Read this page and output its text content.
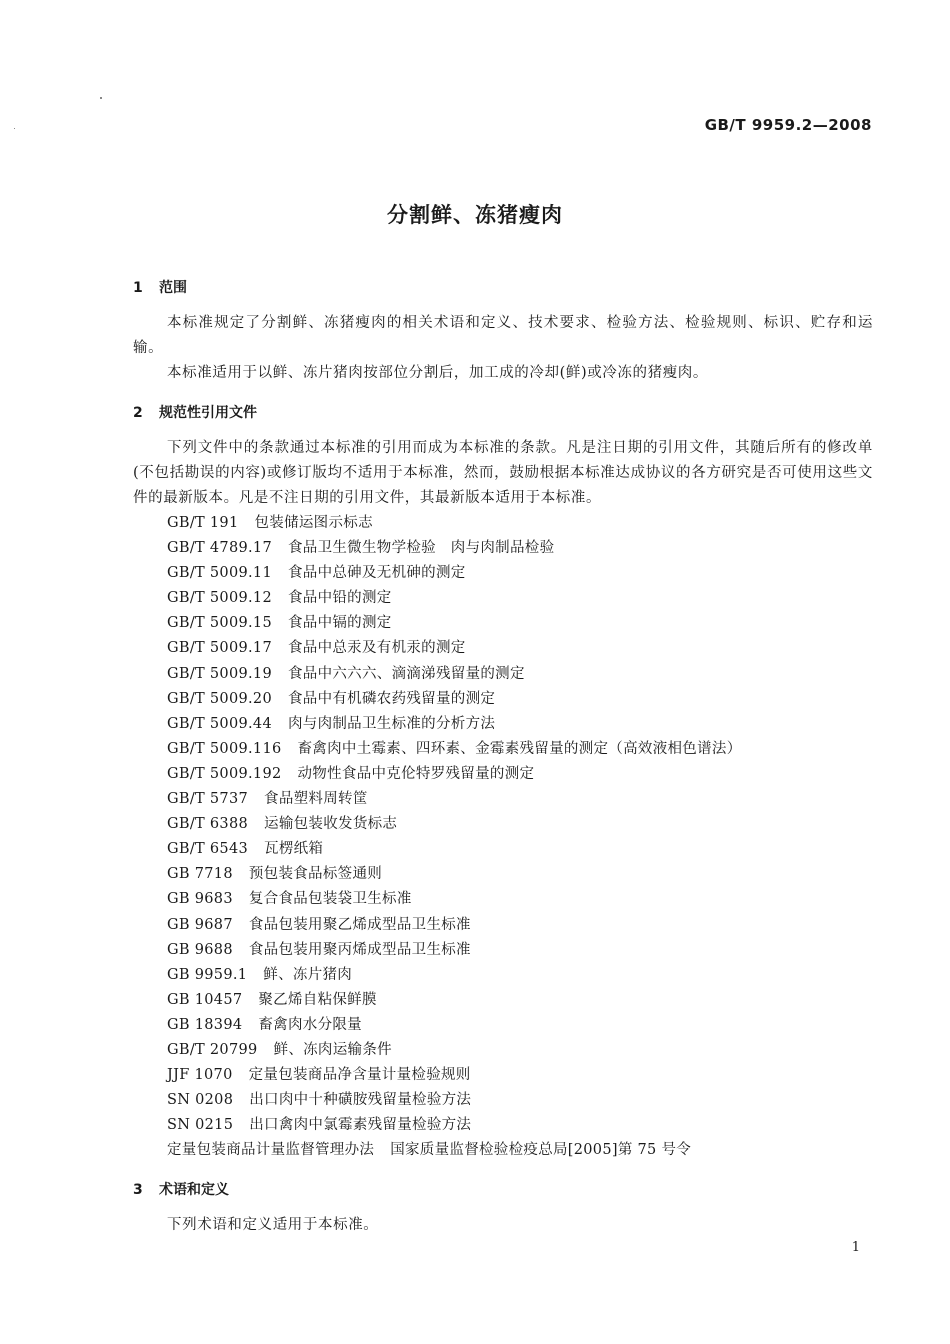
GB/T 9959.2—2008
分割鲜、冻猪瘦肉
1 范围
本标准规定了分割鲜、冻猪瘦肉的相关术语和定义、技术要求、检验方法、检验规则、标识、贮存和运输。
本标准适用于以鲜、冻片猪肉按部位分割后，加工成的冷却(鲜)或冷冻的猪瘦肉。
2 规范性引用文件
下列文件中的条款通过本标准的引用而成为本标准的条款。凡是注日期的引用文件，其随后所有的修改单(不包括勘误的内容)或修订版均不适用于本标准，然而，鼓励根据本标准达成协议的各方研究是否可使用这些文件的最新版本。凡是不注日期的引用文件，其最新版本适用于本标准。
GB/T 191 包装储运图示标志
GB/T 4789.17 食品卫生微生物学检验　肉与肉制品检验
GB/T 5009.11 食品中总砷及无机砷的测定
GB/T 5009.12 食品中铅的测定
GB/T 5009.15 食品中镉的测定
GB/T 5009.17 食品中总汞及有机汞的测定
GB/T 5009.19 食品中六六六、滴滴涕残留量的测定
GB/T 5009.20 食品中有机磷农药残留量的测定
GB/T 5009.44 肉与肉制品卫生标准的分析方法
GB/T 5009.116 畜禽肉中土霉素、四环素、金霉素残留量的测定（高效液相色谱法）
GB/T 5009.192 动物性食品中克伦特罗残留量的测定
GB/T 5737 食品塑料周转筐
GB/T 6388 运输包装收发货标志
GB/T 6543 瓦楞纸箱
GB 7718 预包装食品标签通则
GB 9683 复合食品包装袋卫生标准
GB 9687 食品包装用聚乙烯成型品卫生标准
GB 9688 食品包装用聚丙烯成型品卫生标准
GB 9959.1 鲜、冻片猪肉
GB 10457 聚乙烯自粘保鲜膜
GB 18394 畜禽肉水分限量
GB/T 20799 鲜、冻肉运输条件
JJF 1070 定量包装商品净含量计量检验规则
SN 0208 出口肉中十种磺胺残留量检验方法
SN 0215 出口禽肉中氯霉素残留量检验方法
定量包装商品计量监督管理办法 国家质量监督检验检疫总局[2005]第 75 号令
3 术语和定义
下列术语和定义适用于本标准。
1
